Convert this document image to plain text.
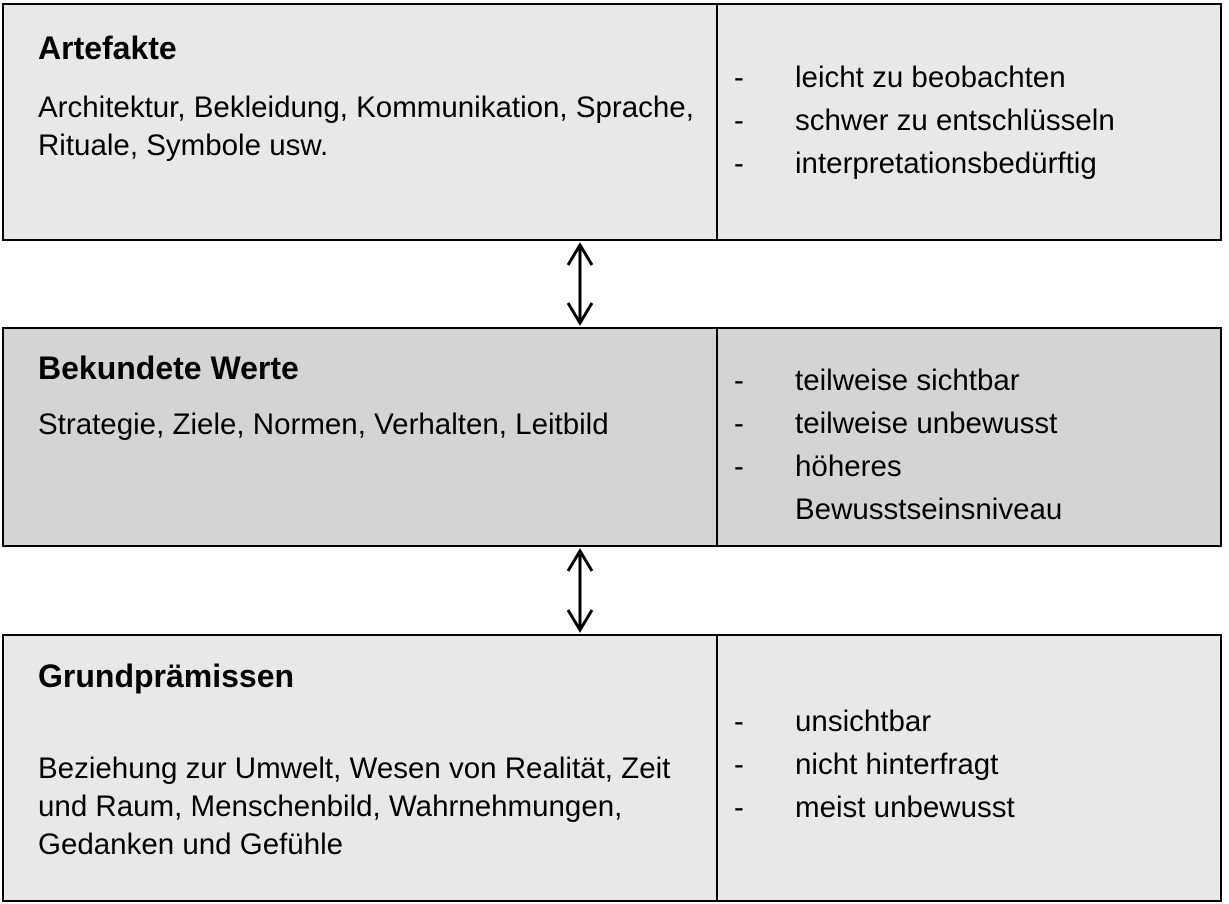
Artefakte
Architektur, Bekleidung, Kommunikation, Sprache, Rituale, Symbole usw.
- leicht zu beobachten
- schwer zu entschlüsseln
- interpretationsbedürftig
Bekundete Werte
Strategie, Ziele, Normen, Verhalten, Leitbild
- teilweise sichtbar
- teilweise unbewusst
- höheres Bewusstseinsniveau
Grundprämissen
Beziehung zur Umwelt, Wesen von Realität, Zeit und Raum, Menschenbild, Wahrnehmungen, Gedanken und Gefühle
- unsichtbar
- nicht hinterfragt
- meist unbewusst
